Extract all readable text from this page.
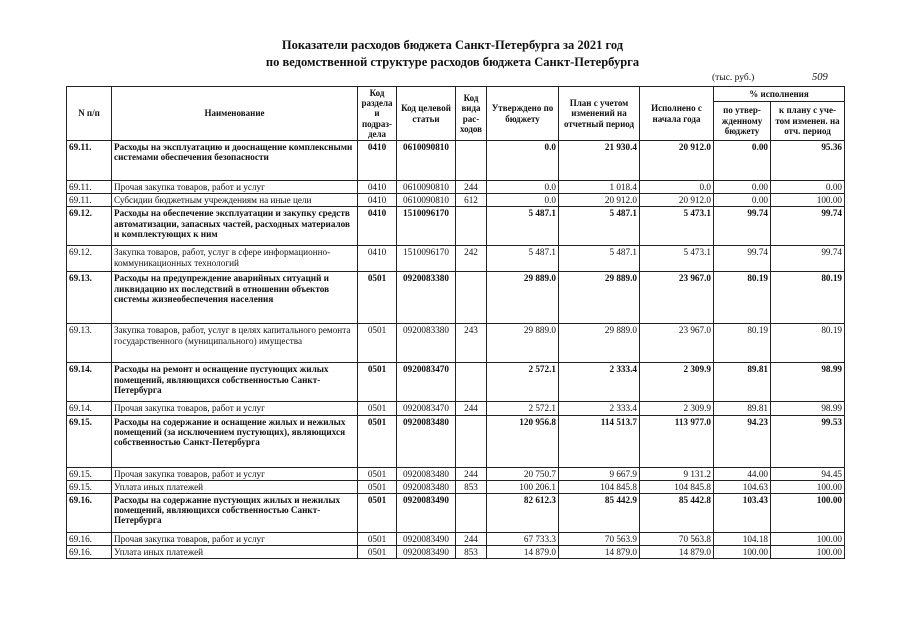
Показатели расходов бюджета Санкт-Петербурга за 2021 год
по ведомственной структуре расходов бюджета Санкт-Петербурга
(тыс. руб.)	509
N п/п	Наименование	Код раздела и подраз-дела	Код целевой статьи	Код вида рас-ходов	Утверждено по бюджету	План с учетом изменений на отчетный период	Исполнено с начала года	% исполнения	
								по утвер-жденному бюджету	к плану с уче-том изменен. на отч. период
69.11.	Расходы на эксплуатацию и дооснащение комплексными системами обеспечения безопасности	0410	0610090810		0.0	21 930.4	20 912.0	0.00	95.36
69.11.	Прочая закупка товаров, работ и услуг	0410	0610090810	244	0.0	1 018.4	0.0	0.00	0.00
69.11.	Субсидии бюджетным учреждениям на иные цели	0410	0610090810	612	0.0	20 912.0	20 912.0	0.00	100.00
69.12.	Расходы на обеспечение эксплуатации и закупку средств автоматизации, запасных частей, расходных материалов и комплектующих к ним	0410	1510096170		5 487.1	5 487.1	5 473.1	99.74	99.74
69.12.	Закупка товаров, работ, услуг в сфере информационно-коммуникационных технологий	0410	1510096170	242	5 487.1	5 487.1	5 473.1	99.74	99.74
69.13.	Расходы на предупреждение аварийных ситуаций и ликвидацию их последствий в отношении объектов системы жизнеобеспечения населения	0501	0920083380		29 889.0	29 889.0	23 967.0	80.19	80.19
69.13.	Закупка товаров, работ, услуг в целях капитального ремонта государственного (муниципального) имущества	0501	0920083380	243	29 889.0	29 889.0	23 967.0	80.19	80.19
69.14.	Расходы на ремонт и оснащение пустующих жилых помещений, являющихся собственностью Санкт-Петербурга	0501	0920083470		2 572.1	2 333.4	2 309.9	89.81	98.99
69.14.	Прочая закупка товаров, работ и услуг	0501	0920083470	244	2 572.1	2 333.4	2 309.9	89.81	98.99
69.15.	Расходы на содержание и оснащение жилых и нежилых помещений (за исключением пустующих), являющихся собственностью Санкт-Петербурга	0501	0920083480		120 956.8	114 513.7	113 977.0	94.23	99.53
69.15.	Прочая закупка товаров, работ и услуг	0501	0920083480	244	20 750.7	9 667.9	9 131.2	44.00	94.45
69.15.	Уплата иных платежей	0501	0920083480	853	100 206.1	104 845.8	104 845.8	104.63	100.00
69.16.	Расходы на содержание пустующих жилых и нежилых помещений, являющихся собственностью Санкт-Петербурга	0501	0920083490		82 612.3	85 442.9	85 442.8	103.43	100.00
69.16.	Прочая закупка товаров, работ и услуг	0501	0920083490	244	67 733.3	70 563.9	70 563.8	104.18	100.00
69.16.	Уплата иных платежей	0501	0920083490	853	14 879.0	14 879.0	14 879.0	100.00	100.00
